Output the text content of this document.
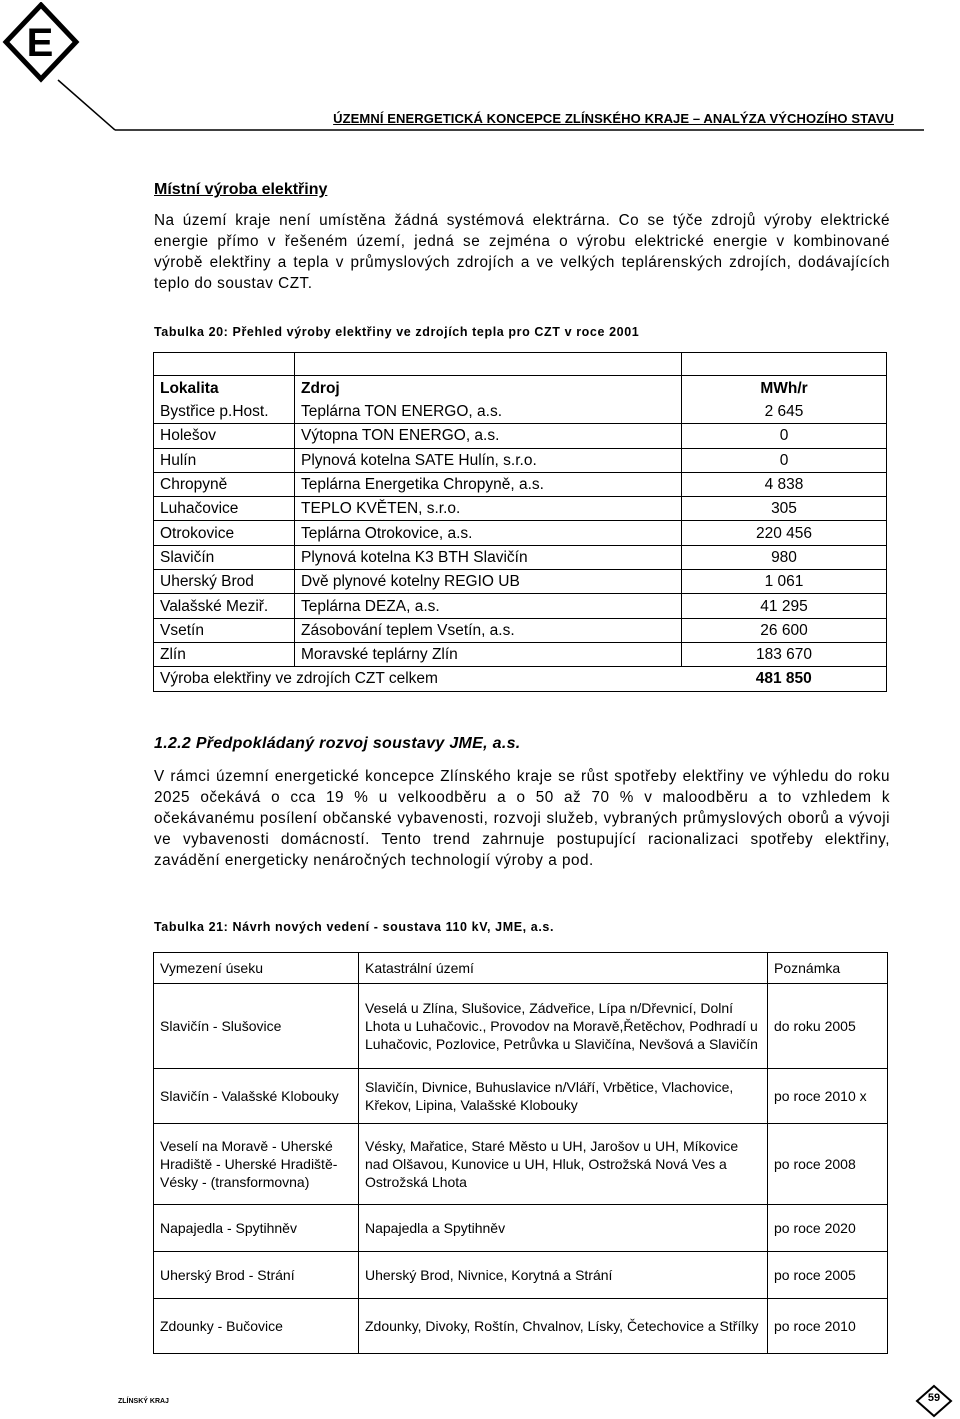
E
ÚZEMNÍ ENERGETICKÁ KONCEPCE ZLÍNSKÉHO KRAJE – ANALÝZA VÝCHOZÍHO STAVU
Místní výroba elektřiny
Na území kraje není umístěna žádná systémová elektrárna. Co se týče zdrojů výroby elektrické energie přímo v řešeném území, jedná se zejména o výrobu elektrické energie v kombinované výrobě elektřiny a tepla v průmyslových zdrojích a ve velkých teplárenských zdrojích, dodávajících teplo do soustav CZT.
Tabulka 20: Přehled výroby elektřiny ve zdrojích tepla pro CZT v roce 2001

Lokalita	Zdroj	MWh/r
Bystřice p.Host.	Teplárna TON ENERGO, a.s.	2 645
Holešov	Výtopna TON ENERGO, a.s.	0
Hulín	Plynová kotelna SATE Hulín, s.r.o.	0
Chropyně	Teplárna Energetika Chropyně, a.s.	4 838
Luhačovice	TEPLO KVĚTEN, s.r.o.	305
Otrokovice	Teplárna Otrokovice, a.s.	220 456
Slavičín	Plynová kotelna K3 BTH Slavičín	980
Uherský Brod	Dvě plynové kotelny REGIO UB	1 061
Valašské Meziř.	Teplárna DEZA, a.s.	41 295
Vsetín	Zásobování teplem Vsetín, a.s.	26 600
Zlín	Moravské teplárny Zlín	183 670
Výroba elektřiny ve zdrojích CZT celkem		481 850
1.2.2 Předpokládaný rozvoj soustavy JME, a.s.
V rámci územní energetické koncepce Zlínského kraje se růst spotřeby elektřiny ve výhledu do roku 2025 očekává o cca 19 % u velkoodběru a o 50 až 70 % v maloodběru a to vzhledem k očekávanému posílení občanské vybavenosti, rozvoji služeb, vybraných průmyslových oborů a vývoji ve vybavenosti domácností. Tento trend zahrnuje postupující racionalizaci spotřeby elektřiny, zavádění energeticky nenáročných technologií výroby a pod.
Tabulka 21: Návrh nových vedení - soustava 110 kV, JME, a.s.
Vymezení úseku	Katastrální území	Poznámka
Slavičín - Slušovice	Veselá u Zlína, Slušovice, Zádveřice, Lípa n/Dřevnicí, Dolní Lhota u Luhačovic., Provodov na Moravě,Řetěchov, Podhradí u Luhačovic, Pozlovice, Petrůvka u Slavičína, Nevšová a Slavičín	do roku 2005
Slavičín - Valašské Klobouky	Slavičín, Divnice, Buhuslavice n/Vláří, Vrbětice, Vlachovice, Křekov, Lipina, Valašské Klobouky	po roce 2010 x
Veselí na Moravě - Uherské Hradiště - Uherské Hradiště- Vésky - (transformovna)	Vésky, Mařatice, Staré Město u UH, Jarošov u UH, Míkovice nad Olšavou, Kunovice u UH, Hluk, Ostrožská Nová Ves a Ostrožská Lhota	po roce 2008
Napajedla - Spytihněv	Napajedla a Spytihněv	po roce 2020
Uherský Brod - Strání	Uherský Brod, Nivnice, Korytná a Strání	po roce 2005
Zdounky - Bučovice	Zdounky, Divoky, Roštín, Chvalnov, Lísky, Četechovice a Střílky	po roce 2010
ZLÍNSKÝ KRAJ	59
